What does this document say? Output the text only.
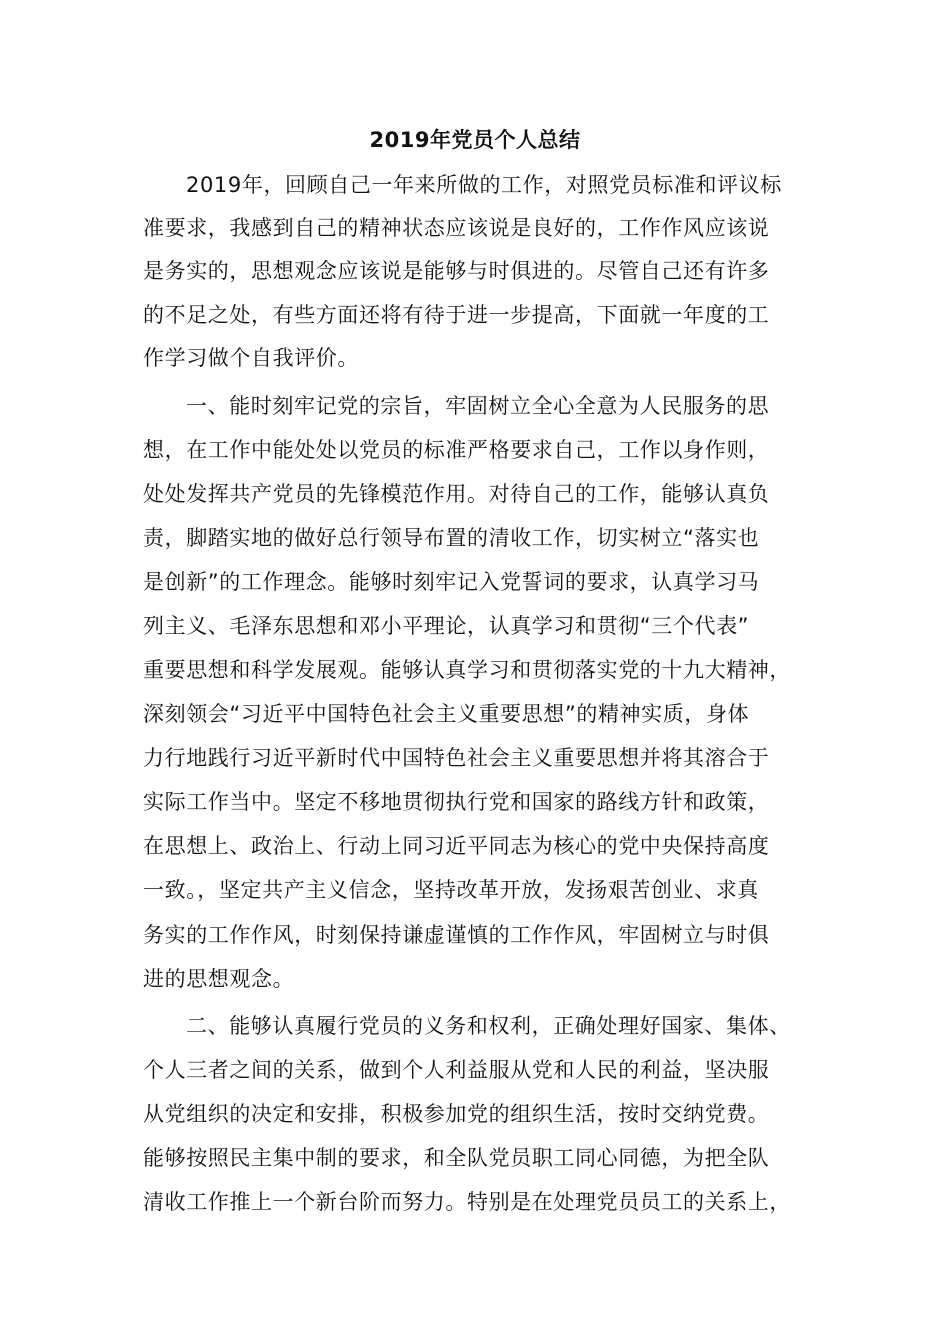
2019年党员个人总结
2019年，回顾自己一年来所做的工作，对照党员标准和评议标
准要求，我感到自己的精神状态应该说是良好的，工作作风应该说
是务实的，思想观念应该说是能够与时俱进的。尽管自己还有许多
的不足之处，有些方面还将有待于进一步提高，下面就一年度的工
作学习做个自我评价。
一、能时刻牢记党的宗旨，牢固树立全心全意为人民服务的思
想，在工作中能处处以党员的标准严格要求自己，工作以身作则，
处处发挥共产党员的先锋模范作用。对待自己的工作，能够认真负
责，脚踏实地的做好总行领导布置的清收工作，切实树立“落实也
是创新”的工作理念。能够时刻牢记入党誓词的要求，认真学习马
列主义、毛泽东思想和邓小平理论，认真学习和贯彻“三个代表”
重要思想和科学发展观。能够认真学习和贯彻落实党的十九大精神，
深刻领会“习近平中国特色社会主义重要思想”的精神实质，身体
力行地践行习近平新时代中国特色社会主义重要思想并将其溶合于
实际工作当中。坚定不移地贯彻执行党和国家的路线方针和政策，
在思想上、政治上、行动上同习近平同志为核心的党中央保持高度
一致。，坚定共产主义信念，坚持改革开放，发扬艰苦创业、求真
务实的工作作风，时刻保持谦虚谨慎的工作作风，牢固树立与时俱
进的思想观念。
二、能够认真履行党员的义务和权利，正确处理好国家、集体、
个人三者之间的关系，做到个人利益服从党和人民的利益，坚决服
从党组织的决定和安排，积极参加党的组织生活，按时交纳党费。
能够按照民主集中制的要求，和全队党员职工同心同德，为把全队
清收工作推上一个新台阶而努力。特别是在处理党员员工的关系上，
